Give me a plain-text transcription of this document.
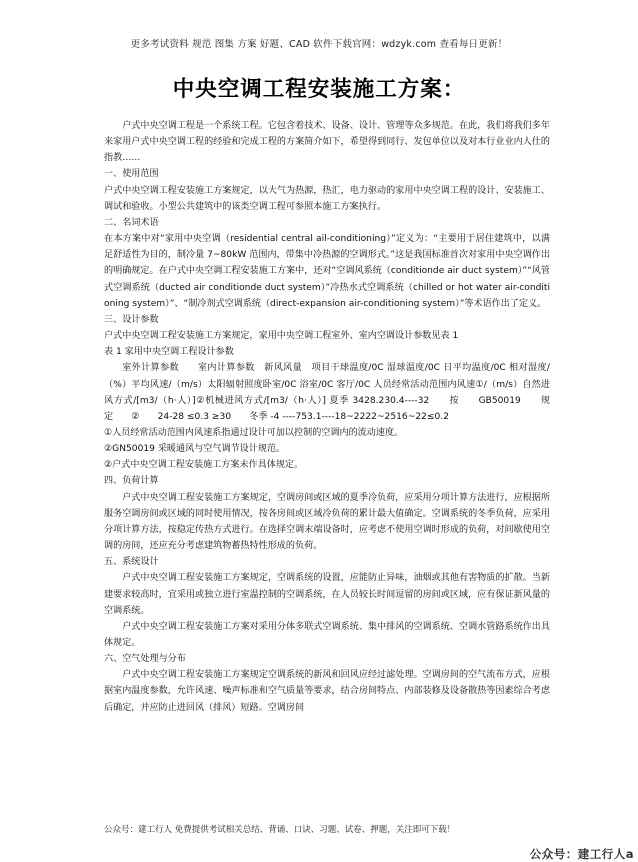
更多考试资料 规范 图集 方案 好题、CAD 软件下载官网：wdzyk.com 查看每日更新！
中央空调工程安装施工方案：

户式中央空调工程是一个系统工程。它包含着技术、设备、设计、管理等众多规范。在此，我们将我们多年来家用户式中央空调工程的经验和完成工程的方案简介如下，希望得到同行、发包单位以及对本行业业内人仕的指教……

一、使用范围

户式中央空调工程安装施工方案规定，以大气为热源，热汇，电力驱动的家用中央空调工程的设计、安装施工、调试和验收。小型公共建筑中的该类空调工程可参照本施工方案执行。

二、名词术语

在本方案中对“家用中央空调（residential central ail-conditioning）”定义为：“主要用于居住建筑中，以满足舒适性为目的，制冷量 7~80kW 范围内，带集中冷热源的空调形式。”这是我国标准首次对家用中央空调作出的明确规定。在户式中央空调工程安装施工方案中，还对“空调风系统（conditionde air duct system）”“风管式空调系统（ducted air conditionde duct system）”冷热水式空调系统（chilled or hot water air-conditioning system）”、“制冷剂式空调系统（direct-expansion air-conditioning system）”等术语作出了定义。

三、设计参数

户式中央空调工程安装施工方案规定，家用中央空调工程室外、室内空调设计参数见表 1

表 1 家用中央空调工程设计参数

室外计算参数　　室内计算参数　新风风量　项目干球温度/0C 湿球温度/0C 日平均温度/0C 相对湿度/（%）平均风速/（m/s）太阳辐射照度卧室/0C 浴室/0C 客厅/0C 人员经常活动范围内风速①/（m/s）自然进风方式/[m3/（h·人）]②机械进风方式/[m3/（h·人）] 夏季 3428.230.4----32　　按　　GB50019　　规　　定　　②　　24-28 ≤0.3 ≥30　　冬季 -4 ----753.1----18~2222~2516~22≤0.2

①人员经常活动范围内风速系指通过设计可加以控制的空调内的流动速度。

②GN50019 采暖通风与空气调节设计规范。

②户式中央空调工程安装施工方案未作具体规定。

四、负荷计算

户式中央空调工程安装施工方案规定，空调房间或区域的夏季冷负荷，应采用分项计算方法进行，应根据所服务空调房间或区域的同时使用情况，按各房间或区域冷负荷的累计最大值确定。空调系统的冬季负荷，应采用分项计算方法，按稳定传热方式进行。在选择空调末端设备时，应考虑不使用空调时形成的负荷，对间歇使用空调的房间，还应充分考虑建筑物蓄热特性形成的负荷。

五、系统设计

户式中央空调工程安装施工方案规定，空调系统的设置，应能防止异味，油烟或其他有害物质的扩散。当新建要求较高时，宜采用或独立进行室温控制的空调系统，在人员较长时间逗留的房间或区域，应有保证新风量的空调系统。

户式中央空调工程安装施工方案对采用分体多联式空调系统、集中排风的空调系统、空调水管路系统作出具体规定。

六、空气处理与分布

户式中央空调工程安装施工方案规定空调系统的新风和回风应经过滤处理。空调房间的空气流布方式，应根据室内温度参数，允许风速、噪声标准和空气质量等要求，结合房间特点、内部装修及设备散热等因素综合考虑后确定，并应防止进回风（排风）短路。空调房间

公众号：建工行人 免费提供考试相关总结、背诵、口诀、习题、试卷、押题，关注即可下载！
公众号：建工行人a
